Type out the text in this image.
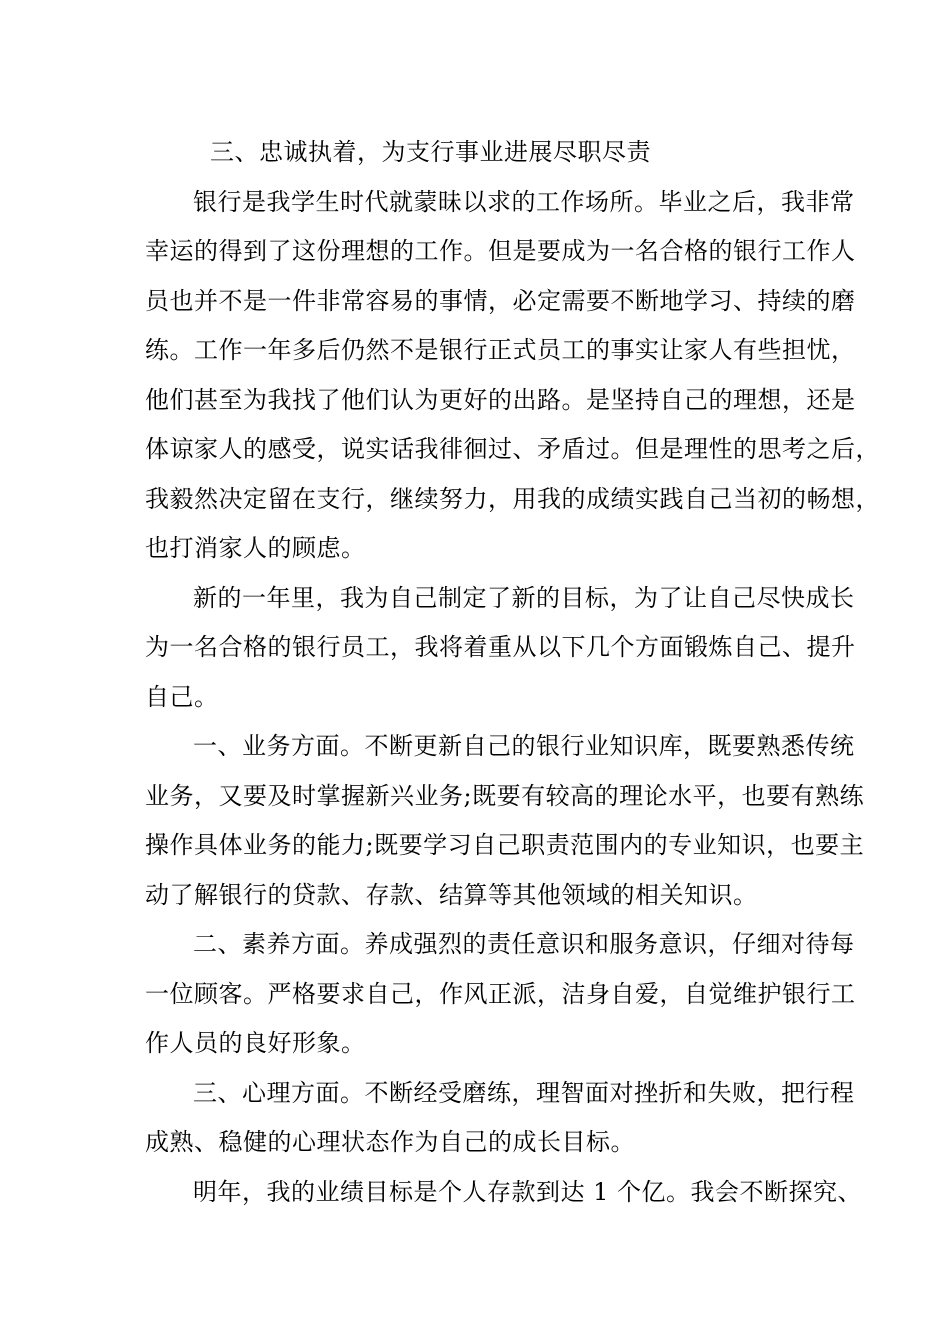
三、忠诚执着，为支行事业进展尽职尽责
银行是我学生时代就蒙昧以求的工作场所。毕业之后，我非常
幸运的得到了这份理想的工作。但是要成为一名合格的银行工作人
员也并不是一件非常容易的事情，必定需要不断地学习、持续的磨
练。工作一年多后仍然不是银行正式员工的事实让家人有些担忧，
他们甚至为我找了他们认为更好的出路。是坚持自己的理想，还是
体谅家人的感受，说实话我徘徊过、矛盾过。但是理性的思考之后，
我毅然决定留在支行，继续努力，用我的成绩实践自己当初的畅想，
也打消家人的顾虑。
新的一年里，我为自己制定了新的目标，为了让自己尽快成长
为一名合格的银行员工，我将着重从以下几个方面锻炼自己、提升
自己。
一、业务方面。不断更新自己的银行业知识库，既要熟悉传统
业务，又要及时掌握新兴业务;既要有较高的理论水平，也要有熟练
操作具体业务的能力;既要学习自己职责范围内的专业知识，也要主
动了解银行的贷款、存款、结算等其他领域的相关知识。
二、素养方面。养成强烈的责任意识和服务意识，仔细对待每
一位顾客。严格要求自己，作风正派，洁身自爱，自觉维护银行工
作人员的良好形象。
三、心理方面。不断经受磨练，理智面对挫折和失败，把行程
成熟、稳健的心理状态作为自己的成长目标。
明年，我的业绩目标是个人存款到达 1 个亿。我会不断探究、
